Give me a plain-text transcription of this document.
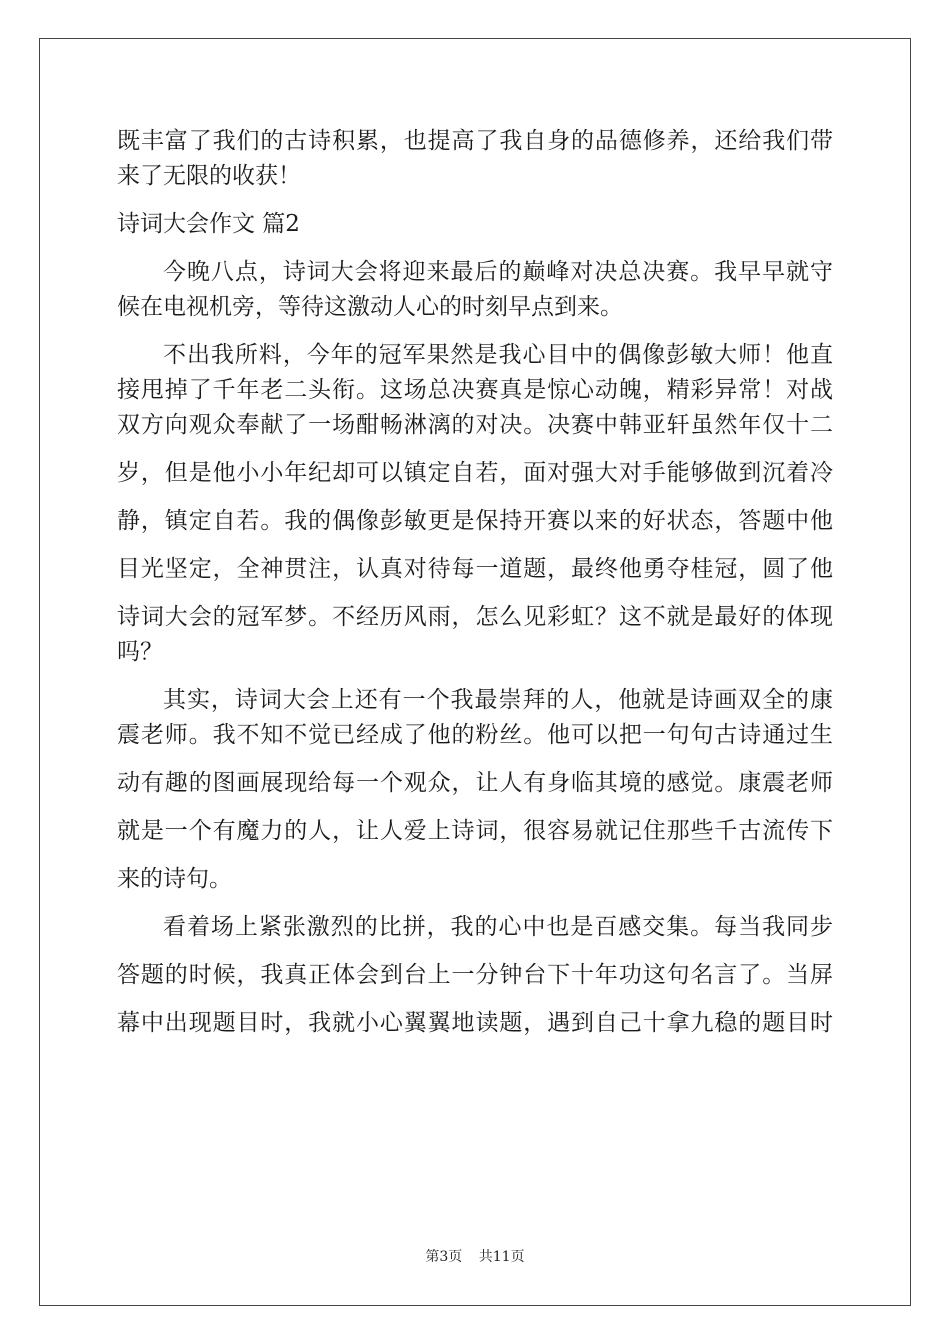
既丰富了我们的古诗积累，也提高了我自身的品德修养，还给我们带

来了无限的收获！

诗词大会作文 篇2

今晚八点，诗词大会将迎来最后的巅峰对决总决赛。我早早就守

候在电视机旁，等待这激动人心的时刻早点到来。

不出我所料，今年的冠军果然是我心目中的偶像彭敏大师！他直

接甩掉了千年老二头衔。这场总决赛真是惊心动魄，精彩异常！对战

双方向观众奉献了一场酣畅淋漓的对决。决赛中韩亚轩虽然年仅十二

岁，但是他小小年纪却可以镇定自若，面对强大对手能够做到沉着冷

静，镇定自若。我的偶像彭敏更是保持开赛以来的好状态，答题中他

目光坚定，全神贯注，认真对待每一道题，最终他勇夺桂冠，圆了他

诗词大会的冠军梦。不经历风雨，怎么见彩虹？这不就是最好的体现

吗？

其实，诗词大会上还有一个我最崇拜的人，他就是诗画双全的康

震老师。我不知不觉已经成了他的粉丝。他可以把一句句古诗通过生

动有趣的图画展现给每一个观众，让人有身临其境的感觉。康震老师

就是一个有魔力的人，让人爱上诗词，很容易就记住那些千古流传下

来的诗句。

看着场上紧张激烈的比拼，我的心中也是百感交集。每当我同步

答题的时候，我真正体会到台上一分钟台下十年功这句名言了。当屏

幕中出现题目时，我就小心翼翼地读题，遇到自己十拿九稳的题目时

第3页 共11页
